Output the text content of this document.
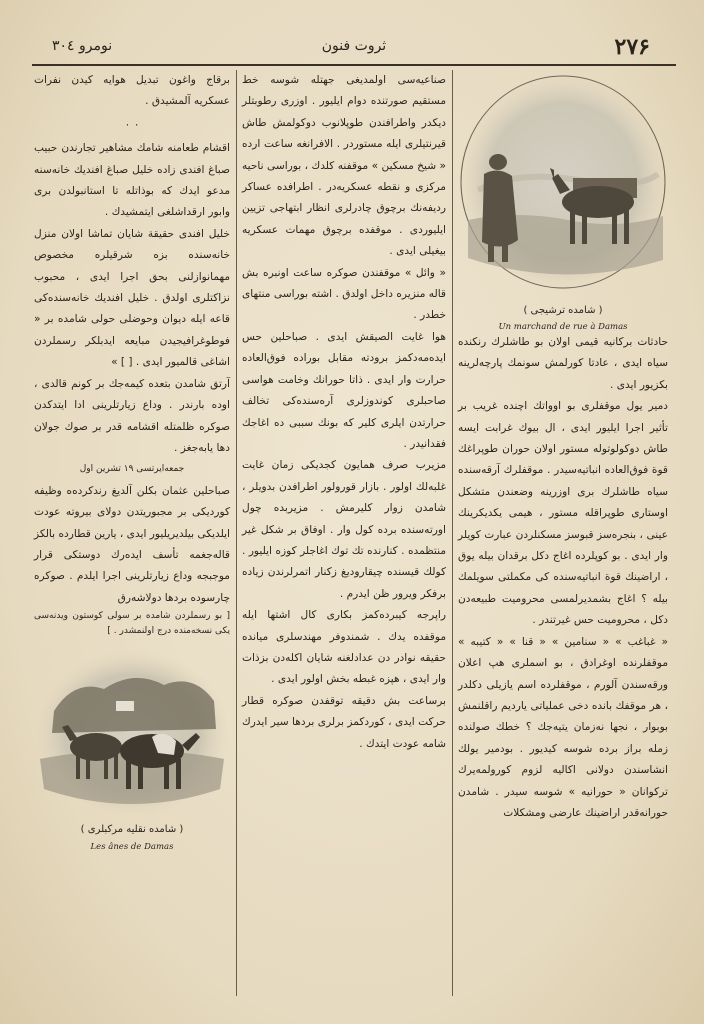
۲۷۶
ثروت فنون
نومرو ٣٠٤
( شامده ترشیجی )
Un marchand de rue à Damas

حادثات بركانيه قيمى اولان بو طاشلرك رنكنده سياه ايدى ، عادتا كورلمش سونمك پارچه‌لرينه بكزيور ايدى .

دمير يول موقفلرى بو اوواتك اچنده غريب بر تأثير اجرا ايليور ايدى ، ال بيوك غرابت ايسه طاش دوكولوتوله مستور اولان حوران طوپراغك قوة فوق‌العاده انباتيه‌سيدر . موقفلرك آرقه‌سنده سياه طاشلرك برى اوزرينه وضعندن متشكل اوستارى طوپراقله مستور ، هيمى يكديكرينك عينى ، بنجره‌سز قبوسز مسكنلردن عبارت كويلر وار ايدى . بو كوپلرده اغاج دكل برقدان بيله يوق ، اراضينك قوة انباتيه‌سنده كى مكملتى سويلمك بيله ؟ اغاج بشمدير‌لمسى محروميت طبيعه‌دن دكل ، محروميت حس غيرتندر .

« غباغب » « سنامين » « قنا » « كتيبه » موقفلرنده اوغرادق ، بو اسملرى هپ اعلان ورقه‌سندن آلورم ، موقفلرده اسم يازيلى دكلدر ، هر موقفك بانده دخى عملياتى يارديم راقلنمش بوبوار ، نجها نه‌زمان يتيه‌جك ؟ خطك صولنده زمله براز برده شوسه كيديور . بودمير يولك انشاسندن دولانى اكاليه لزوم كورولمه‌يرك تركوانان « حورانيه » شوسه سيدر . شامدن حورانه‌قدر اراضينك عارضى ومشكلات

صناعيه‌سى اولمديغى جهتله شوسه خط مستقيم صورتنده دوام ايليور . اوزرى رطوبتلر ديكدر واطرافندن طوپلانوب دوكولمش طاش قيرنتيلرى ايله مستوردر . الافرانغه ساعت ارده « شيخ مسكين » موقفنه كلدك ، بوراسى ناحيه مركزى و نقطه عسكريه‌در . اطرافده عساكر رديفه‌نك برچوق چادرلرى انظار ابتهاجى تزيين ايليوردى . موقفده برچوق مهمات عسكريه بيغيلى ايدى .

« وائل » موقفندن صوكره ساعت اونبره بش قالە منزيره داخل اولدق . اشته بوراسى منتهاى خطدر .

هوا غايت الصيقش ايدى . صباحلين حس ايده‌مه‌دكمز برودته مقابل بوراده فوق‌العاده حرارت وار ايدى . ذاتا حورانك وخامت هواسى صاحبلرى كوندوزلرى آرەسنده‌كى تخالف حرارتدن ايلرى كلير كه بونك سببى ده اغاجك فقدانيدر .

مزيرب صرف همايون كجديكى زمان غايت غلبه‌لك اولور . بازار قورولور اطرافدن بدويلر ، شامدن زوار كليرمش . مزيربده چول اورته‌سنده برده كول وار . اوفاق بر شكل غير منتظمده . كنارنده تك توك اغاجلر كوزه ايليور . كولك قيسنده چيقاروديغ زكنار اتمرلرندن زياده برفكر ويرور ظن ايدرم .

راپرجه كيبرده‌كمز بكارى كال اشتها ايله موقفده يدك . شمندوفر مهندسلرى ميانده حقيقه نوادر دن عدادلغنه شايان اكلەدن بزذات وار ايدى ، هپزه غبطه بخش اولور ايدى .

برساعت بش دقيقه توقفدن صوكره قطار حركت ايدى ، كوردكمز برلرى بردها سير ايدرك شامه عودت ايتدك .

برقاج واغون تبديل هوايه كيدن نفرات عسكريه آلمشيدق .

٠ ٠

اقشام طعامنه شامك مشاهير تجارندن حبيب صباغ افندى زاده خليل صباغ افنديك خانه‌سنه مدعو ايدك كه بوذاتله تا استانبولدن برى وابور ارقداشلغى ايتمشيدك .

خليل افندى حقيقة شايان تماشا اولان منزل خانه‌سنده بزه شرقيلره مخصوص مهمانوازلنى بحق اجرا ايدى ، محبوب نزاكتلرى اولدق . خليل افنديك خانه‌سنده‌كى قاعه ايله ديوان وحوضلى حولى شامده بر « فوطوغرافيجيدن مبايعه ايدبلكر رسملردن اشاغى قالميور ايدى . [ ] »

آرتق شامدن بتعده كيمه‌جك بر كونم قالدى ، اوده بارندر . وداع زيارتلرينى ادا ايتدكدن صوكره ظلمتله اقشامه قدر بر صوك جولان دها يابه‌جغز .

جمعه‌ايرتسى ۱۹ تشرين اول

صباحلين عثمان بكلن آلديغ رندكرده‌ه وظيفه كورديكى بر مجبوريتدن دولاى بيروته عودت ايلديكى بيلديريليور ايدى ، يارين قطارده بالكز قالەجغمه تأسف ايده‌رك دوستكى قرار موجبجه وداع زيارتلرينى اجرا ايلدم . صوكره چارسوده بردها دولاشه‌رق

[ بو رسملردن شامده بر سولى كوستون ويدنه‌سى يكى نسخه‌منده درج اولنمشدر . ]

( شامده نقليه مركبلرى )
Les ânes de Damas
